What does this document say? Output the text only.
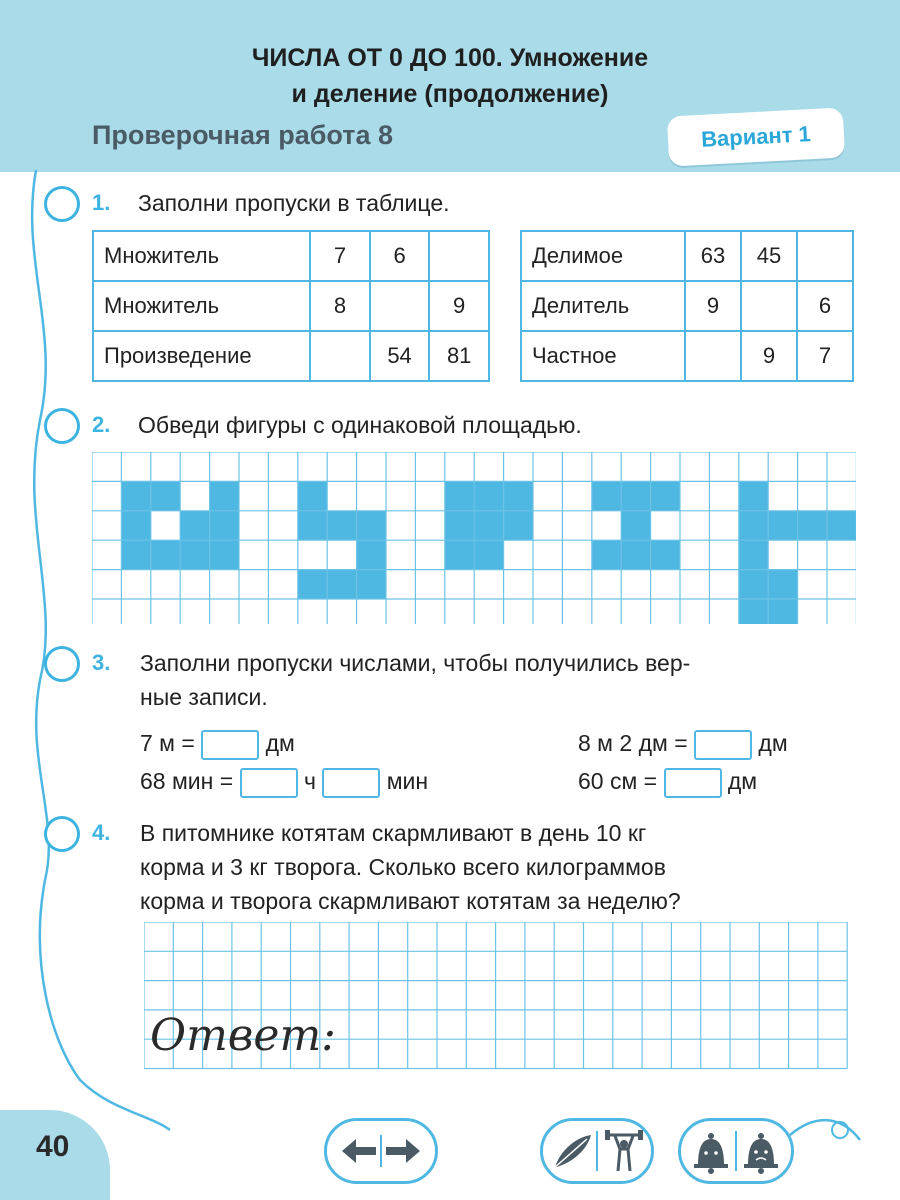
ЧИСЛА ОТ 0 ДО 100. Умножение
и деление (продолжение)
Проверочная работа 8	Вариант 1
1. Заполни пропуски в таблице.
Множитель	7	6	
Множитель	8		9
Произведение		54	81
Делимое	63	45	
Делитель	9		6
Частное		9	7
2. Обведи фигуры с одинаковой площадью.
3. Заполни пропуски числами, чтобы получились вер-
ные записи.
7 м =	дм	8 м 2 дм =	дм
68 мин =	ч	мин	60 см =	дм
4. В питомнике котятам скармливают в день 10 кг
корма и 3 кг творога. Сколько всего килограммов
корма и творога скармливают котятам за неделю?
Ответ:
40
